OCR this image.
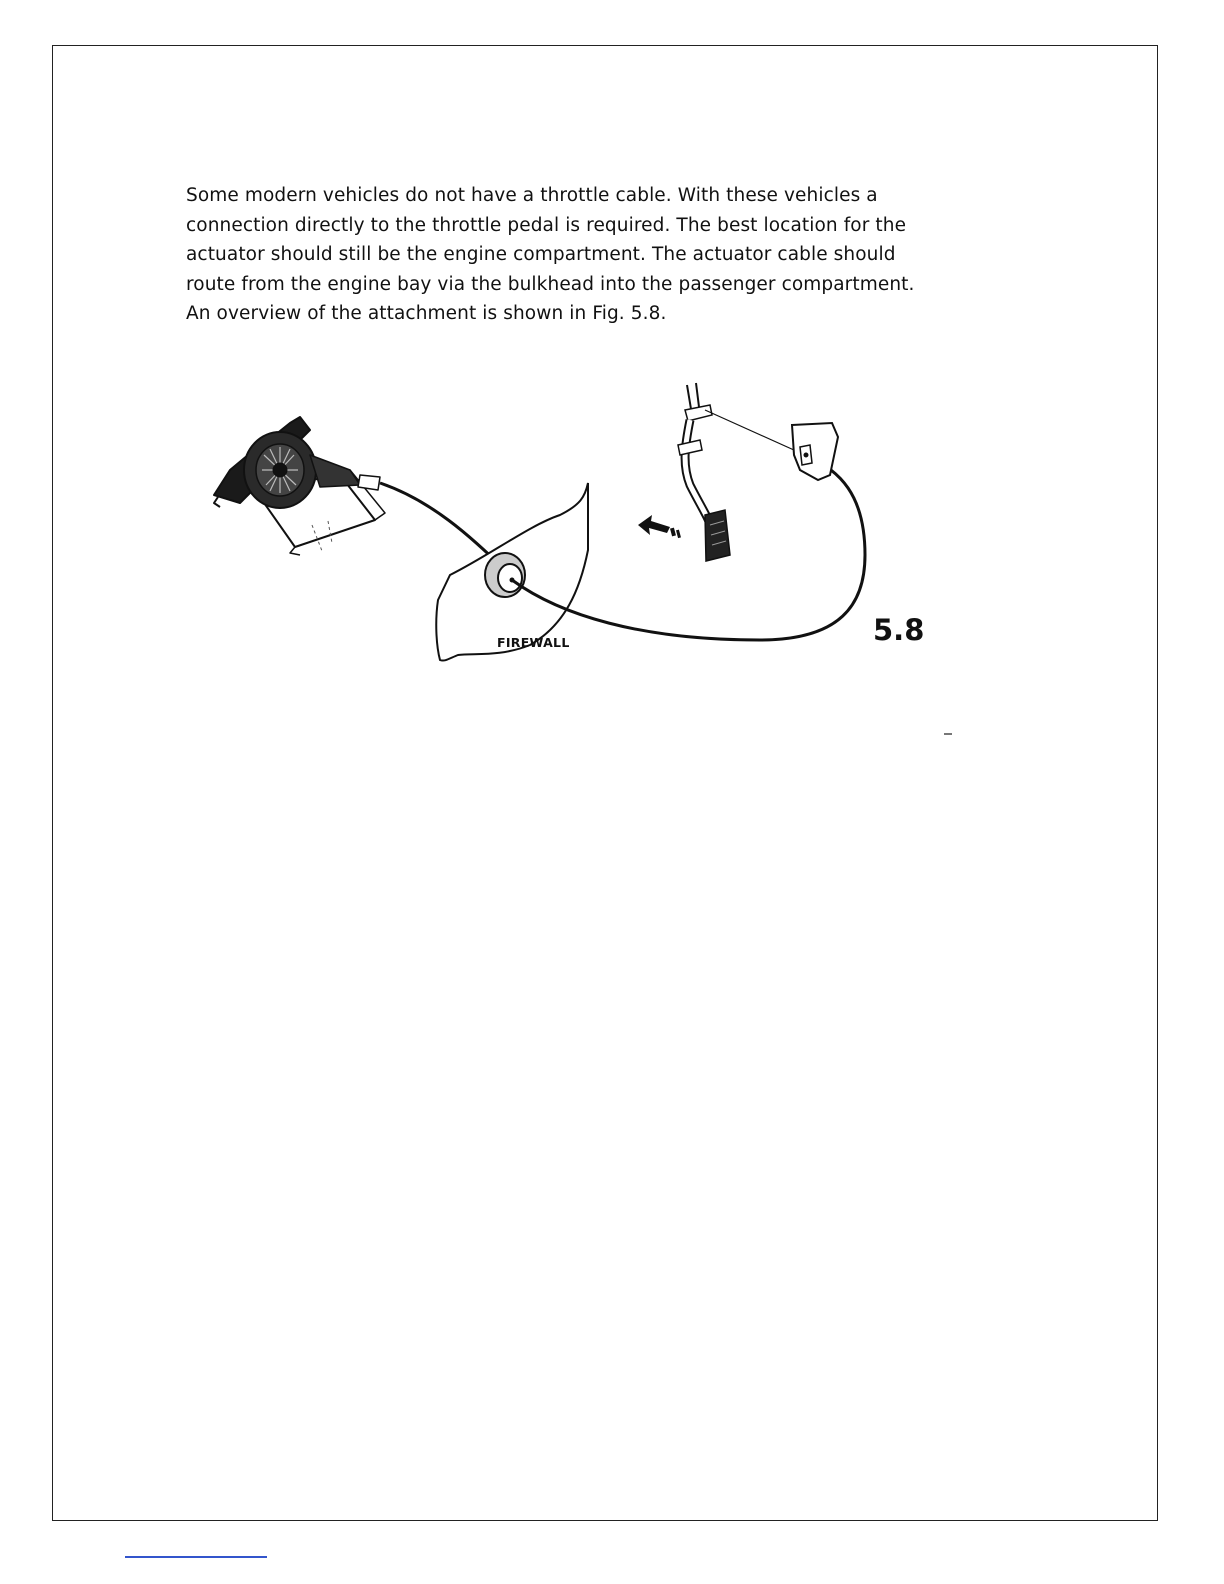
Some modern vehicles do not have a throttle cable. With these vehicles a
connection directly to the throttle pedal is required. The best location for the
actuator should still be the engine compartment. The actuator cable should
route from the engine bay via the bulkhead into the passenger compartment.
An overview of the attachment is shown in Fig. 5.8.

FIREWALL	5.8
